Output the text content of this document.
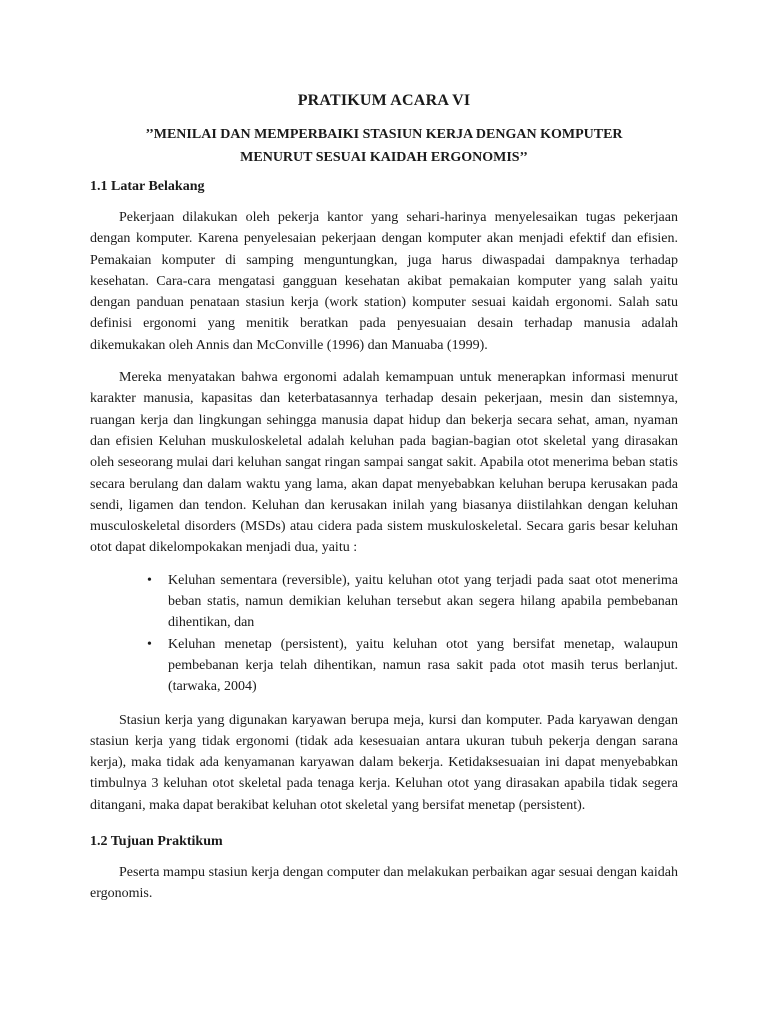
PRATIKUM ACARA VI
’’MENILAI DAN MEMPERBAIKI STASIUN KERJA DENGAN KOMPUTER
MENURUT SESUAI KAIDAH ERGONOMIS’’
1.1 Latar Belakang

Pekerjaan dilakukan oleh pekerja kantor yang sehari-harinya menyelesaikan tugas pekerjaan dengan komputer. Karena penyelesaian pekerjaan dengan komputer akan menjadi efektif dan efisien. Pemakaian komputer di samping menguntungkan, juga harus diwaspadai dampaknya terhadap kesehatan. Cara-cara mengatasi gangguan kesehatan akibat pemakaian komputer yang salah yaitu dengan panduan penataan stasiun kerja (work station) komputer sesuai kaidah ergonomi. Salah satu definisi ergonomi yang menitik beratkan pada penyesuaian desain terhadap manusia adalah dikemukakan oleh Annis dan McConville (1996) dan Manuaba (1999).

Mereka menyatakan bahwa ergonomi adalah kemampuan untuk menerapkan informasi menurut karakter manusia, kapasitas dan keterbatasannya terhadap desain pekerjaan, mesin dan sistemnya, ruangan kerja dan lingkungan sehingga manusia dapat hidup dan bekerja secara sehat, aman, nyaman dan efisien Keluhan muskuloskeletal adalah keluhan pada bagian-bagian otot skeletal yang dirasakan oleh seseorang mulai dari keluhan sangat ringan sampai sangat sakit. Apabila otot menerima beban statis secara berulang dan dalam waktu yang lama, akan dapat menyebabkan keluhan berupa kerusakan pada sendi, ligamen dan tendon. Keluhan dan kerusakan inilah yang biasanya diistilahkan dengan keluhan musculoskeletal disorders (MSDs) atau cidera pada sistem muskuloskeletal. Secara garis besar keluhan otot dapat dikelompokakan menjadi dua, yaitu :

• Keluhan sementara (reversible), yaitu keluhan otot yang terjadi pada saat otot menerima beban statis, namun demikian keluhan tersebut akan segera hilang apabila pembebanan dihentikan, dan
• Keluhan menetap (persistent), yaitu keluhan otot yang bersifat menetap, walaupun pembebanan kerja telah dihentikan, namun rasa sakit pada otot masih terus berlanjut. (tarwaka, 2004)

Stasiun kerja yang digunakan karyawan berupa meja, kursi dan komputer. Pada karyawan dengan stasiun kerja yang tidak ergonomi (tidak ada kesesuaian antara ukuran tubuh pekerja dengan sarana kerja), maka tidak ada kenyamanan karyawan dalam bekerja. Ketidaksesuaian ini dapat menyebabkan timbulnya 3 keluhan otot skeletal pada tenaga kerja. Keluhan otot yang dirasakan apabila tidak segera ditangani, maka dapat berakibat keluhan otot skeletal yang bersifat menetap (persistent).

1.2 Tujuan Praktikum

Peserta mampu stasiun kerja dengan computer dan melakukan perbaikan agar sesuai dengan kaidah ergonomis.
